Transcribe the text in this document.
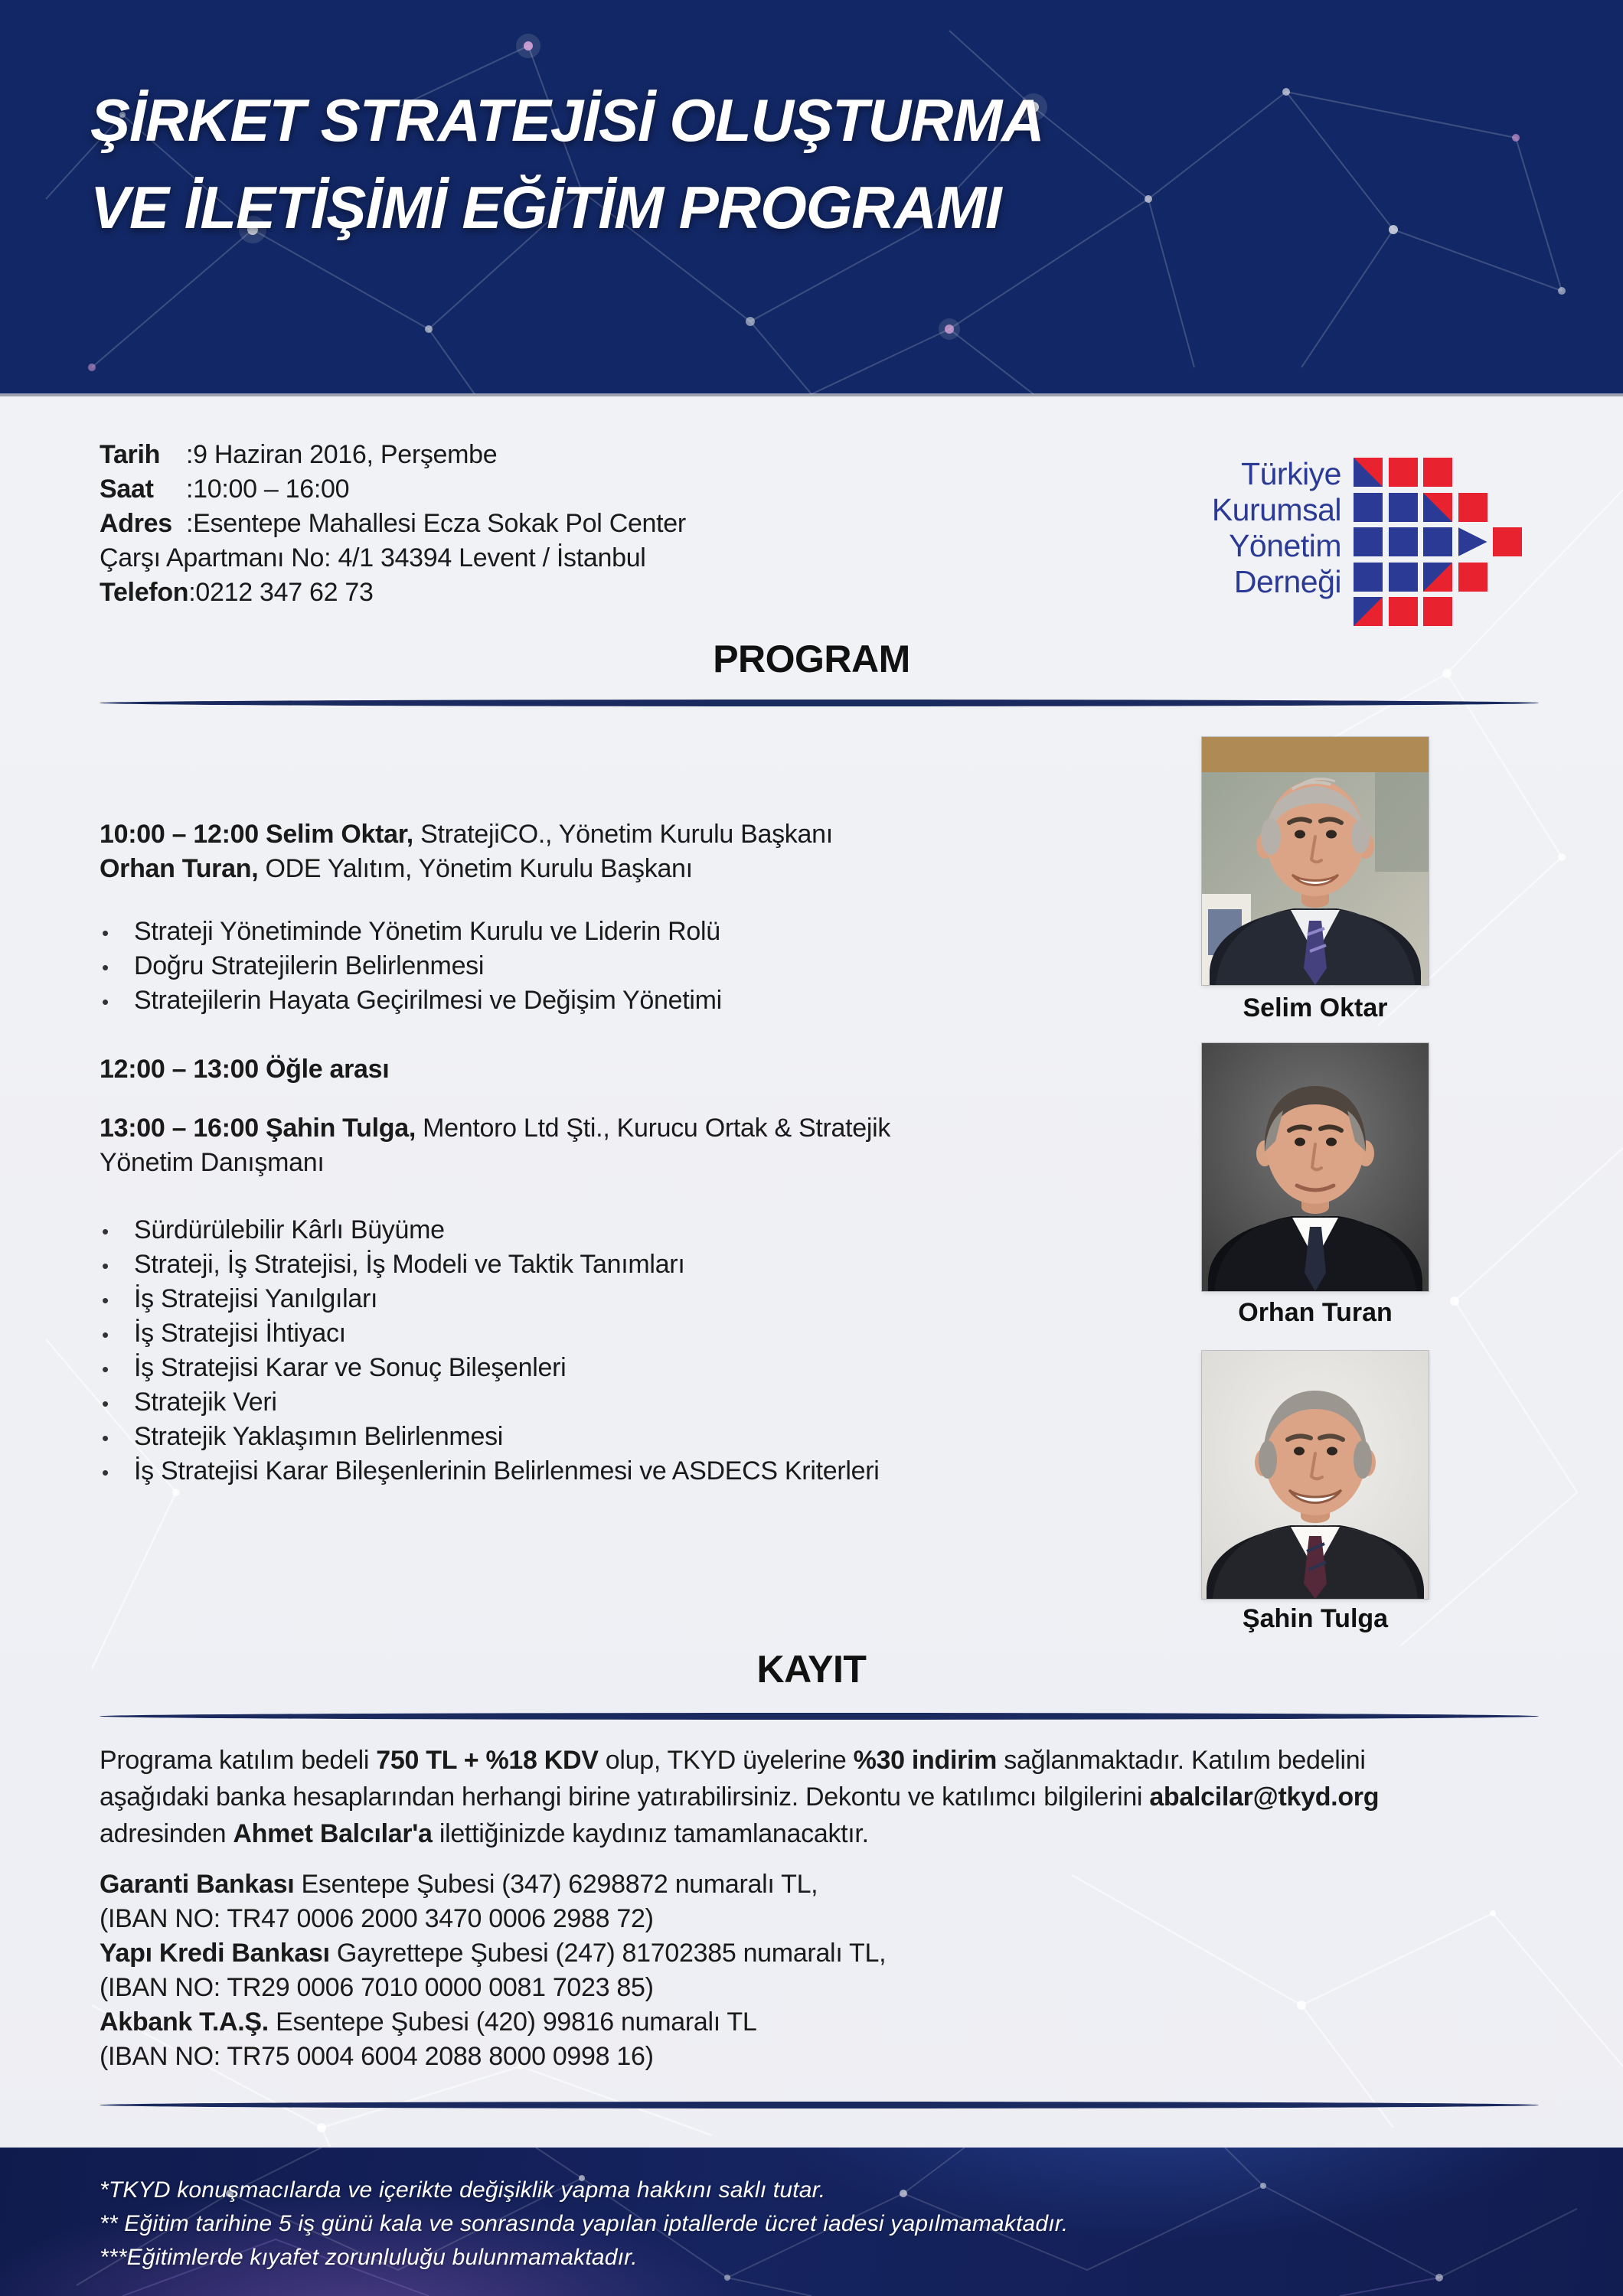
ŞİRKET STRATEJİSİ OLUŞTURMA
VE İLETİŞİMİ EĞİTİM PROGRAMI
Tarih :9 Haziran 2016, Perşembe
Saat :10:00 – 16:00
Adres :Esentepe Mahallesi Ecza Sokak Pol Center
Çarşı Apartmanı No: 4/1 34394 Levent / İstanbul
Telefon:0212 347 62 73
Türkiye
Kurumsal
Yönetim
Derneği
PROGRAM
10:00 – 12:00 Selim Oktar, StratejiCO., Yönetim Kurulu Başkanı
Orhan Turan, ODE Yalıtım, Yönetim Kurulu Başkanı
• Strateji Yönetiminde Yönetim Kurulu ve Liderin Rolü
• Doğru Stratejilerin Belirlenmesi
• Stratejilerin Hayata Geçirilmesi ve Değişim Yönetimi
12:00 – 13:00 Öğle arası
13:00 – 16:00 Şahin Tulga, Mentoro Ltd Şti., Kurucu Ortak & Stratejik
Yönetim Danışmanı
• Sürdürülebilir Kârlı Büyüme
• Strateji, İş Stratejisi, İş Modeli ve Taktik Tanımları
• İş Stratejisi Yanılgıları
• İş Stratejisi İhtiyacı
• İş Stratejisi Karar ve Sonuç Bileşenleri
• Stratejik Veri
• Stratejik Yaklaşımın Belirlenmesi
• İş Stratejisi Karar Bileşenlerinin Belirlenmesi ve ASDECS Kriterleri
Selim Oktar
Orhan Turan
Şahin Tulga
KAYIT
Programa katılım bedeli 750 TL + %18 KDV olup, TKYD üyelerine %30 indirim sağlanmaktadır. Katılım bedelini
aşağıdaki banka hesaplarından herhangi birine yatırabilirsiniz. Dekontu ve katılımcı bilgilerini abalcilar@tkyd.org
adresinden Ahmet Balcılar'a ilettiğinizde kaydınız tamamlanacaktır.
Garanti Bankası Esentepe Şubesi (347) 6298872 numaralı TL,
(IBAN NO: TR47 0006 2000 3470 0006 2988 72)
Yapı Kredi Bankası Gayrettepe Şubesi (247) 81702385 numaralı TL,
(IBAN NO: TR29 0006 7010 0000 0081 7023 85)
Akbank T.A.Ş. Esentepe Şubesi (420) 99816 numaralı TL
(IBAN NO: TR75 0004 6004 2088 8000 0998 16)
*TKYD konuşmacılarda ve içerikte değişiklik yapma hakkını saklı tutar.
** Eğitim tarihine 5 iş günü kala ve sonrasında yapılan iptallerde ücret iadesi yapılmamaktadır.
***Eğitimlerde kıyafet zorunluluğu bulunmamaktadır.
